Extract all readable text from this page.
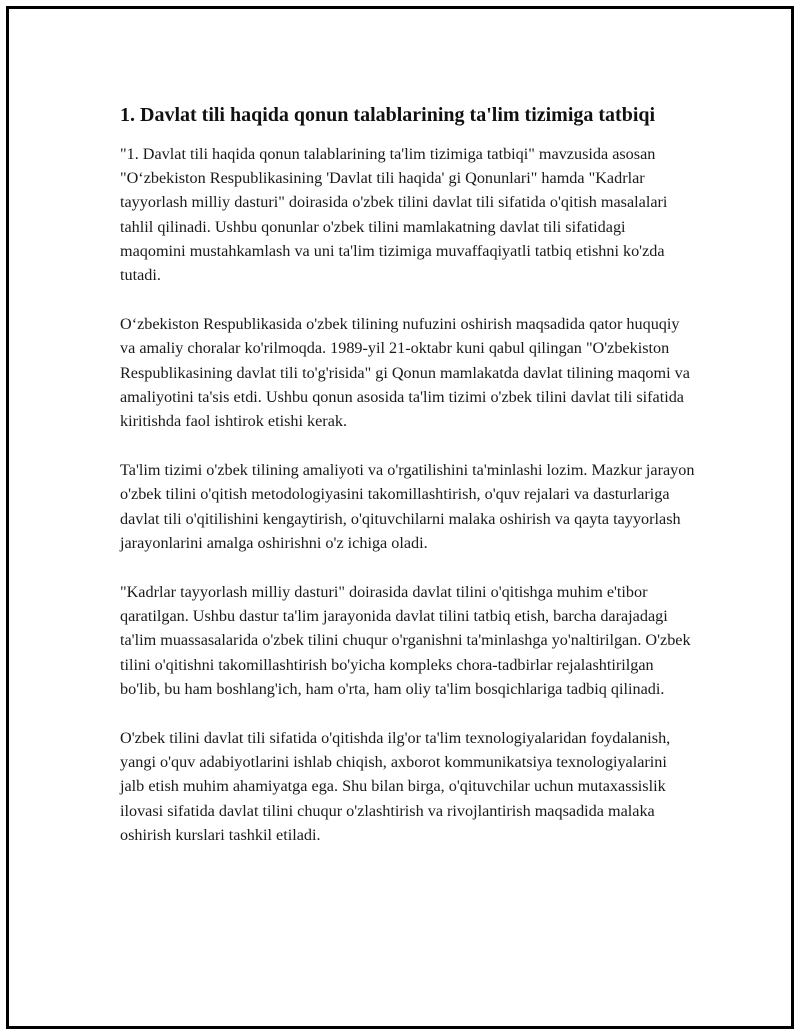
1. Davlat tili haqida qonun talablarining ta'lim tizimiga tatbiqi

"1. Davlat tili haqida qonun talablarining ta'lim tizimiga tatbiqi" mavzusida asosan "O‘zbekiston Respublikasining 'Davlat tili haqida' gi Qonunlari" hamda "Kadrlar tayyorlash milliy dasturi" doirasida o'zbek tilini davlat tili sifatida o'qitish masalalari tahlil qilinadi. Ushbu qonunlar o'zbek tilini mamlakatning davlat tili sifatidagi maqomini mustahkamlash va uni ta'lim tizimiga muvaffaqiyatli tatbiq etishni ko'zda tutadi.

O‘zbekiston Respublikasida o'zbek tilining nufuzini oshirish maqsadida qator huquqiy va amaliy choralar ko'rilmoqda. 1989-yil 21-oktabr kuni qabul qilingan "O'zbekiston Respublikasining davlat tili to'g'risida" gi Qonun mamlakatda davlat tilining maqomi va amaliyotini ta'sis etdi. Ushbu qonun asosida ta'lim tizimi o'zbek tilini davlat tili sifatida kiritishda faol ishtirok etishi kerak.

Ta'lim tizimi o'zbek tilining amaliyoti va o'rgatilishini ta'minlashi lozim. Mazkur jarayon o'zbek tilini o'qitish metodologiyasini takomillashtirish, o'quv rejalari va dasturlariga davlat tili o'qitilishini kengaytirish, o'qituvchilarni malaka oshirish va qayta tayyorlash jarayonlarini amalga oshirishni o'z ichiga oladi.

"Kadrlar tayyorlash milliy dasturi" doirasida davlat tilini o'qitishga muhim e'tibor qaratilgan. Ushbu dastur ta'lim jarayonida davlat tilini tatbiq etish, barcha darajadagi ta'lim muassasalarida o'zbek tilini chuqur o'rganishni ta'minlashga yo'naltirilgan. O'zbek tilini o'qitishni takomillashtirish bo'yicha kompleks chora-tadbirlar rejalashtirilgan bo'lib, bu ham boshlang'ich, ham o'rta, ham oliy ta'lim bosqichlariga tadbiq qilinadi.

O'zbek tilini davlat tili sifatida o'qitishda ilg'or ta'lim texnologiyalaridan foydalanish, yangi o'quv adabiyotlarini ishlab chiqish, axborot kommunikatsiya texnologiyalarini jalb etish muhim ahamiyatga ega. Shu bilan birga, o'qituvchilar uchun mutaxassislik ilovasi sifatida davlat tilini chuqur o'zlashtirish va rivojlantirish maqsadida malaka oshirish kurslari tashkil etiladi.
